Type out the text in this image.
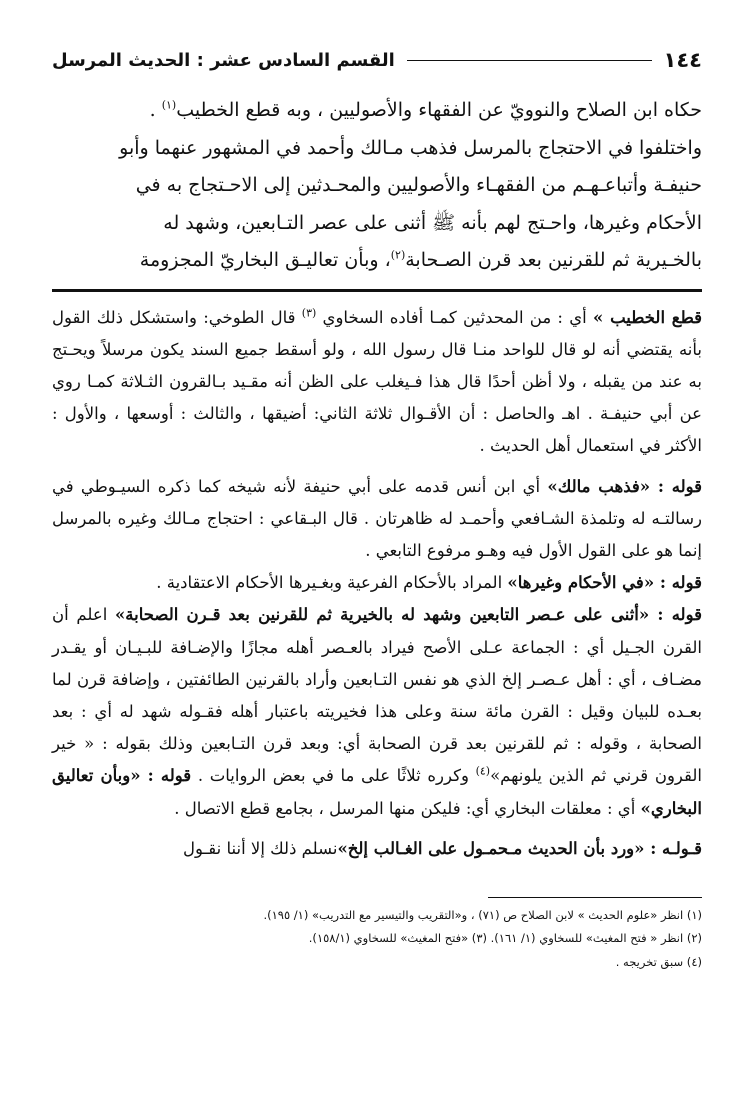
١٤٤
القسم السادس عشر : الحديث المرسل

حكاه ابن الصلاح والنوويّ عن الفقهاء والأصوليين ، وبه قطع الخطيب$^{(١)}$ .

واختلفوا في الاحتجاج بالمرسل فذهب مـالك وأحمد في المشهور عنهما وأبو

حنيفـة وأتباعـهـم من الفقهـاء والأصوليين والمحـدثين إلى الاحـتجاج به في

الأحكام وغيرها، واحـتج لهم بأنه ﷺ أثنى على عصر التـابعين، وشهد له

بالخـيرية ثم للقرنين بعد قرن الصـحابة$^{(٢)}$، وبأن تعاليـق البخاريّ المجزومة

قطع الخطيب » أي : من المحدثين كمـا أفاده السخاوي $^{(٣)}$ قال الطوخي: واستشكل ذلك القول بأنه يقتضي أنه لو قال للواحد منـا قال رسول الله ، ولو أسقط جميع السند يكون مرسلاً ويحـتج به عند من يقبله ، ولا أظن أحدًا قال هذا فـيغلب على الظن أنه مقـيد بـالقرون الثـلاثة كمـا روي عن أبي حنيفـة . اهـ والحاصل : أن الأقـوال ثلاثة الثاني: أضيقها ، والثالث : أوسعها ، والأول : الأكثر في استعمال أهل الحديث .

قوله : «فذهب مالك» أي ابن أنس قدمه على أبي حنيفة لأنه شيخه كما ذكره السيـوطي في رسالتـه له وتلمذة الشـافعي وأحمـد له ظاهرتان . قال البـقاعي : احتجاج مـالك وغيره بالمرسل إنما هو على القول الأول فيه وهـو مرفوع التابعي .

قوله : «في الأحكام وغيرها» المراد بالأحكام الفرعية وبغـيرها الأحكام الاعتقادية .

قوله : «أثنى على عـصر التابعين وشهد له بالخيرية ثم للقرنين بعد قـرن الصحابة» اعلم أن القرن الجـيل أي : الجماعة عـلى الأصح فيراد بالعـصر أهله مجازًا والإضـافة للبـيـان أو يقـدر مضـاف ، أي : أهل عـصـر إلخ الذي هو نفس التـابعين وأراد بالقرنين الطائفتين ، وإضافة قرن لما بعـده للبيان وقيل : القرن مائة سنة وعلى هذا فخيريته باعتبار أهله فقـوله شهد له أي : بعد الصحابة ، وقوله : ثم للقرنين بعد قرن الصحابة أي: وبعد قرن التـابعين وذلك بقوله : « خير القرون قرني ثم الذين يلونهم»$^{(٤)}$ وكرره ثلاثًا على ما في بعض الروايات . قوله : «وبأن تعاليق البخاري» أي : معلقات البخاري أي: فليكن منها المرسل ، بجامع قطع الاتصال .

قـولـه : «ورد بأن الحديث مـحمـول على الغـالب إلخ»نسلم ذلك إلا أننا نقـول

(١) انظر «علوم الحديث » لابن الصلاح ص (٧١) ، و«التقريب والتيسير مع التدريب» (١/ ١٩٥).

(٢) انظر « فتح المغيث» للسخاوي (١/ ١٦١). (٣) «فتح المغيث» للسخاوي (١٥٨/١).

(٤) سبق تخريجه .
